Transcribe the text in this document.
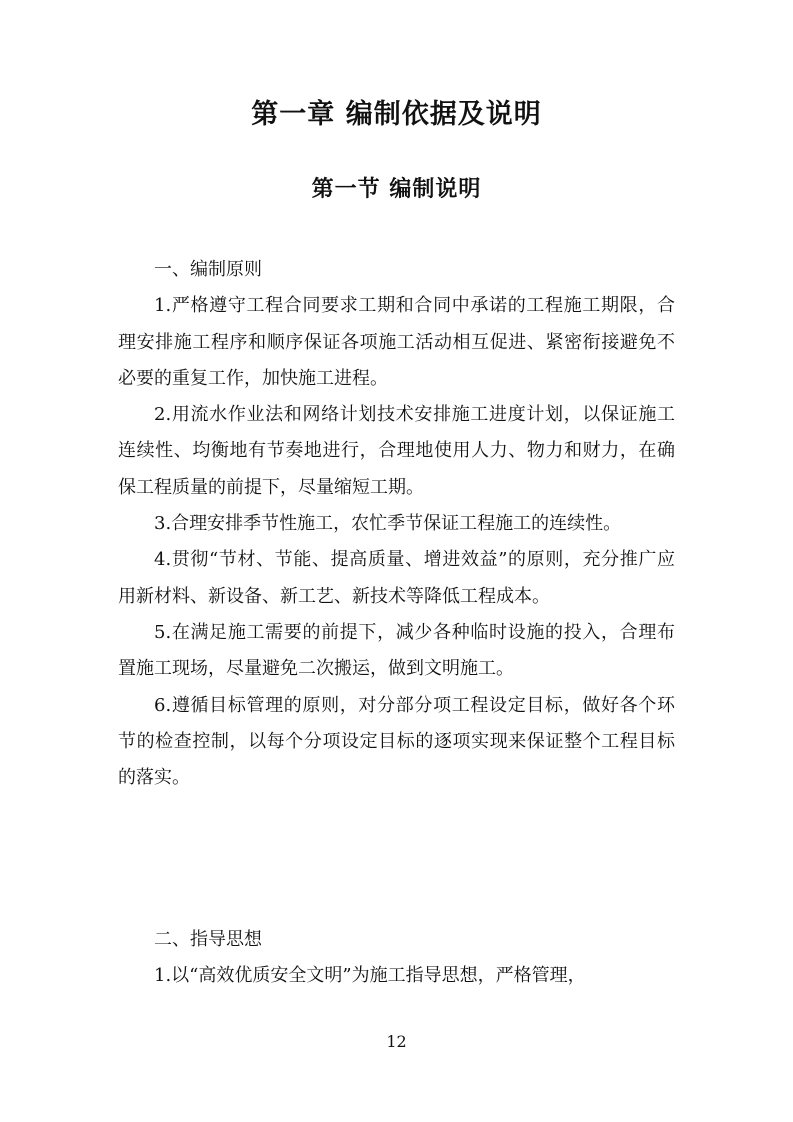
第一章 编制依据及说明
第一节 编制说明

一、编制原则

1.严格遵守工程合同要求工期和合同中承诺的工程施工期限，合理安排施工程序和顺序保证各项施工活动相互促进、紧密衔接避免不必要的重复工作，加快施工进程。

2.用流水作业法和网络计划技术安排施工进度计划，以保证施工连续性、均衡地有节奏地进行，合理地使用人力、物力和财力，在确保工程质量的前提下，尽量缩短工期。

3.合理安排季节性施工，农忙季节保证工程施工的连续性。

4.贯彻“节材、节能、提高质量、增进效益”的原则，充分推广应用新材料、新设备、新工艺、新技术等降低工程成本。

5.在满足施工需要的前提下，减少各种临时设施的投入，合理布置施工现场，尽量避免二次搬运，做到文明施工。

6.遵循目标管理的原则，对分部分项工程设定目标，做好各个环节的检查控制，以每个分项设定目标的逐项实现来保证整个工程目标的落实。

二、指导思想

1.以“高效优质安全文明”为施工指导思想，严格管理，

12
